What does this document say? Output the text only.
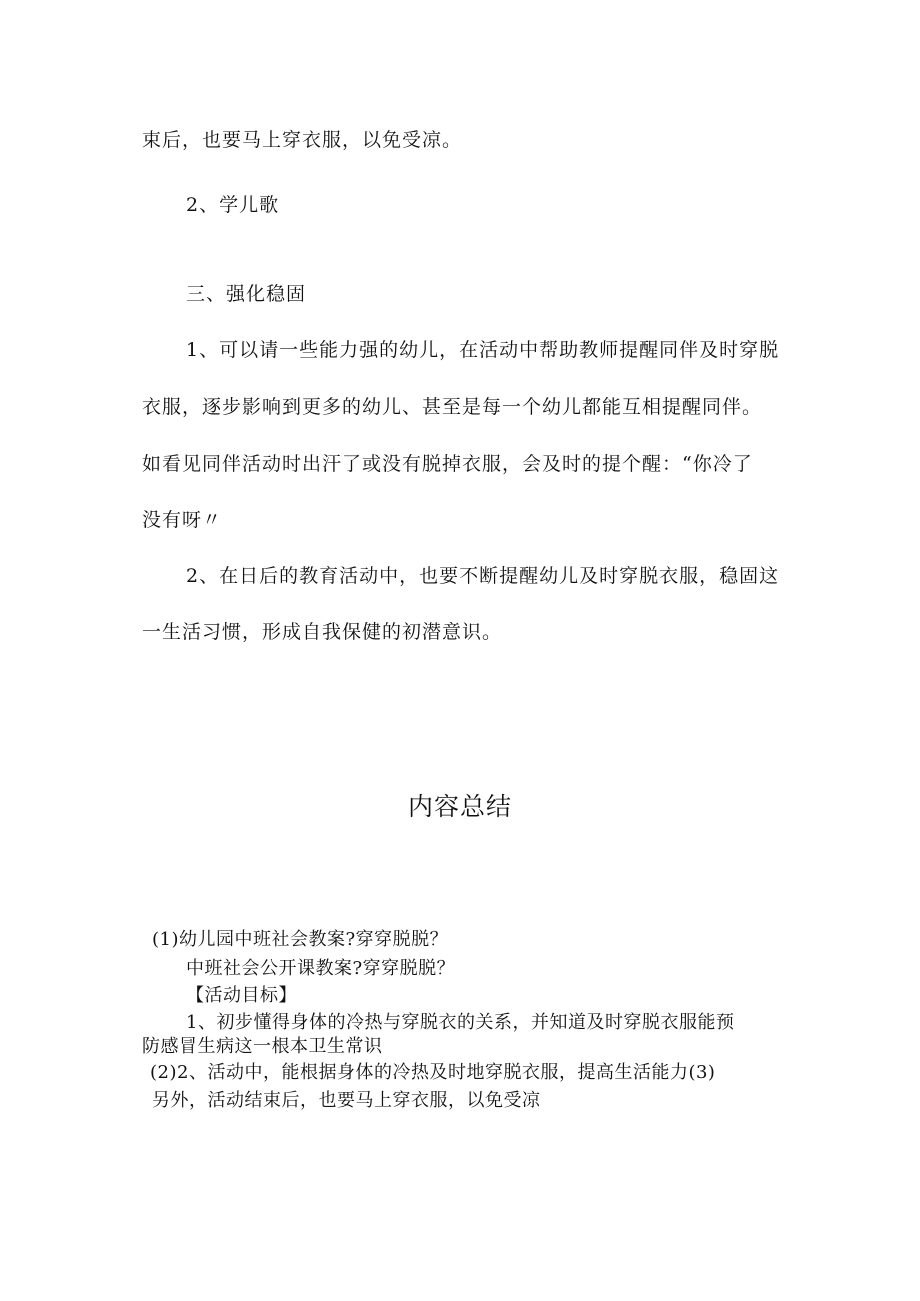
束后，也要马上穿衣服，以免受凉。
2、学儿歌
三、强化稳固
1、可以请一些能力强的幼儿，在活动中帮助教师提醒同伴及时穿脱
衣服，逐步影响到更多的幼儿、甚至是每一个幼儿都能互相提醒同伴。
如看见同伴活动时出汗了或没有脱掉衣服，会及时的提个醒：“你冷了
没有呀〃
2、在日后的教育活动中，也要不断提醒幼儿及时穿脱衣服，稳固这
一生活习惯，形成自我保健的初潜意识。
内容总结
(1)幼儿园中班社会教案?穿穿脱脱？
中班社会公开课教案?穿穿脱脱？
【活动目标】
1、初步懂得身体的冷热与穿脱衣的关系，并知道及时穿脱衣服能预
防感冒生病这一根本卫生常识
(2)2、活动中，能根据身体的冷热及时地穿脱衣服，提高生活能力(3)
另外，活动结束后，也要马上穿衣服，以免受凉
